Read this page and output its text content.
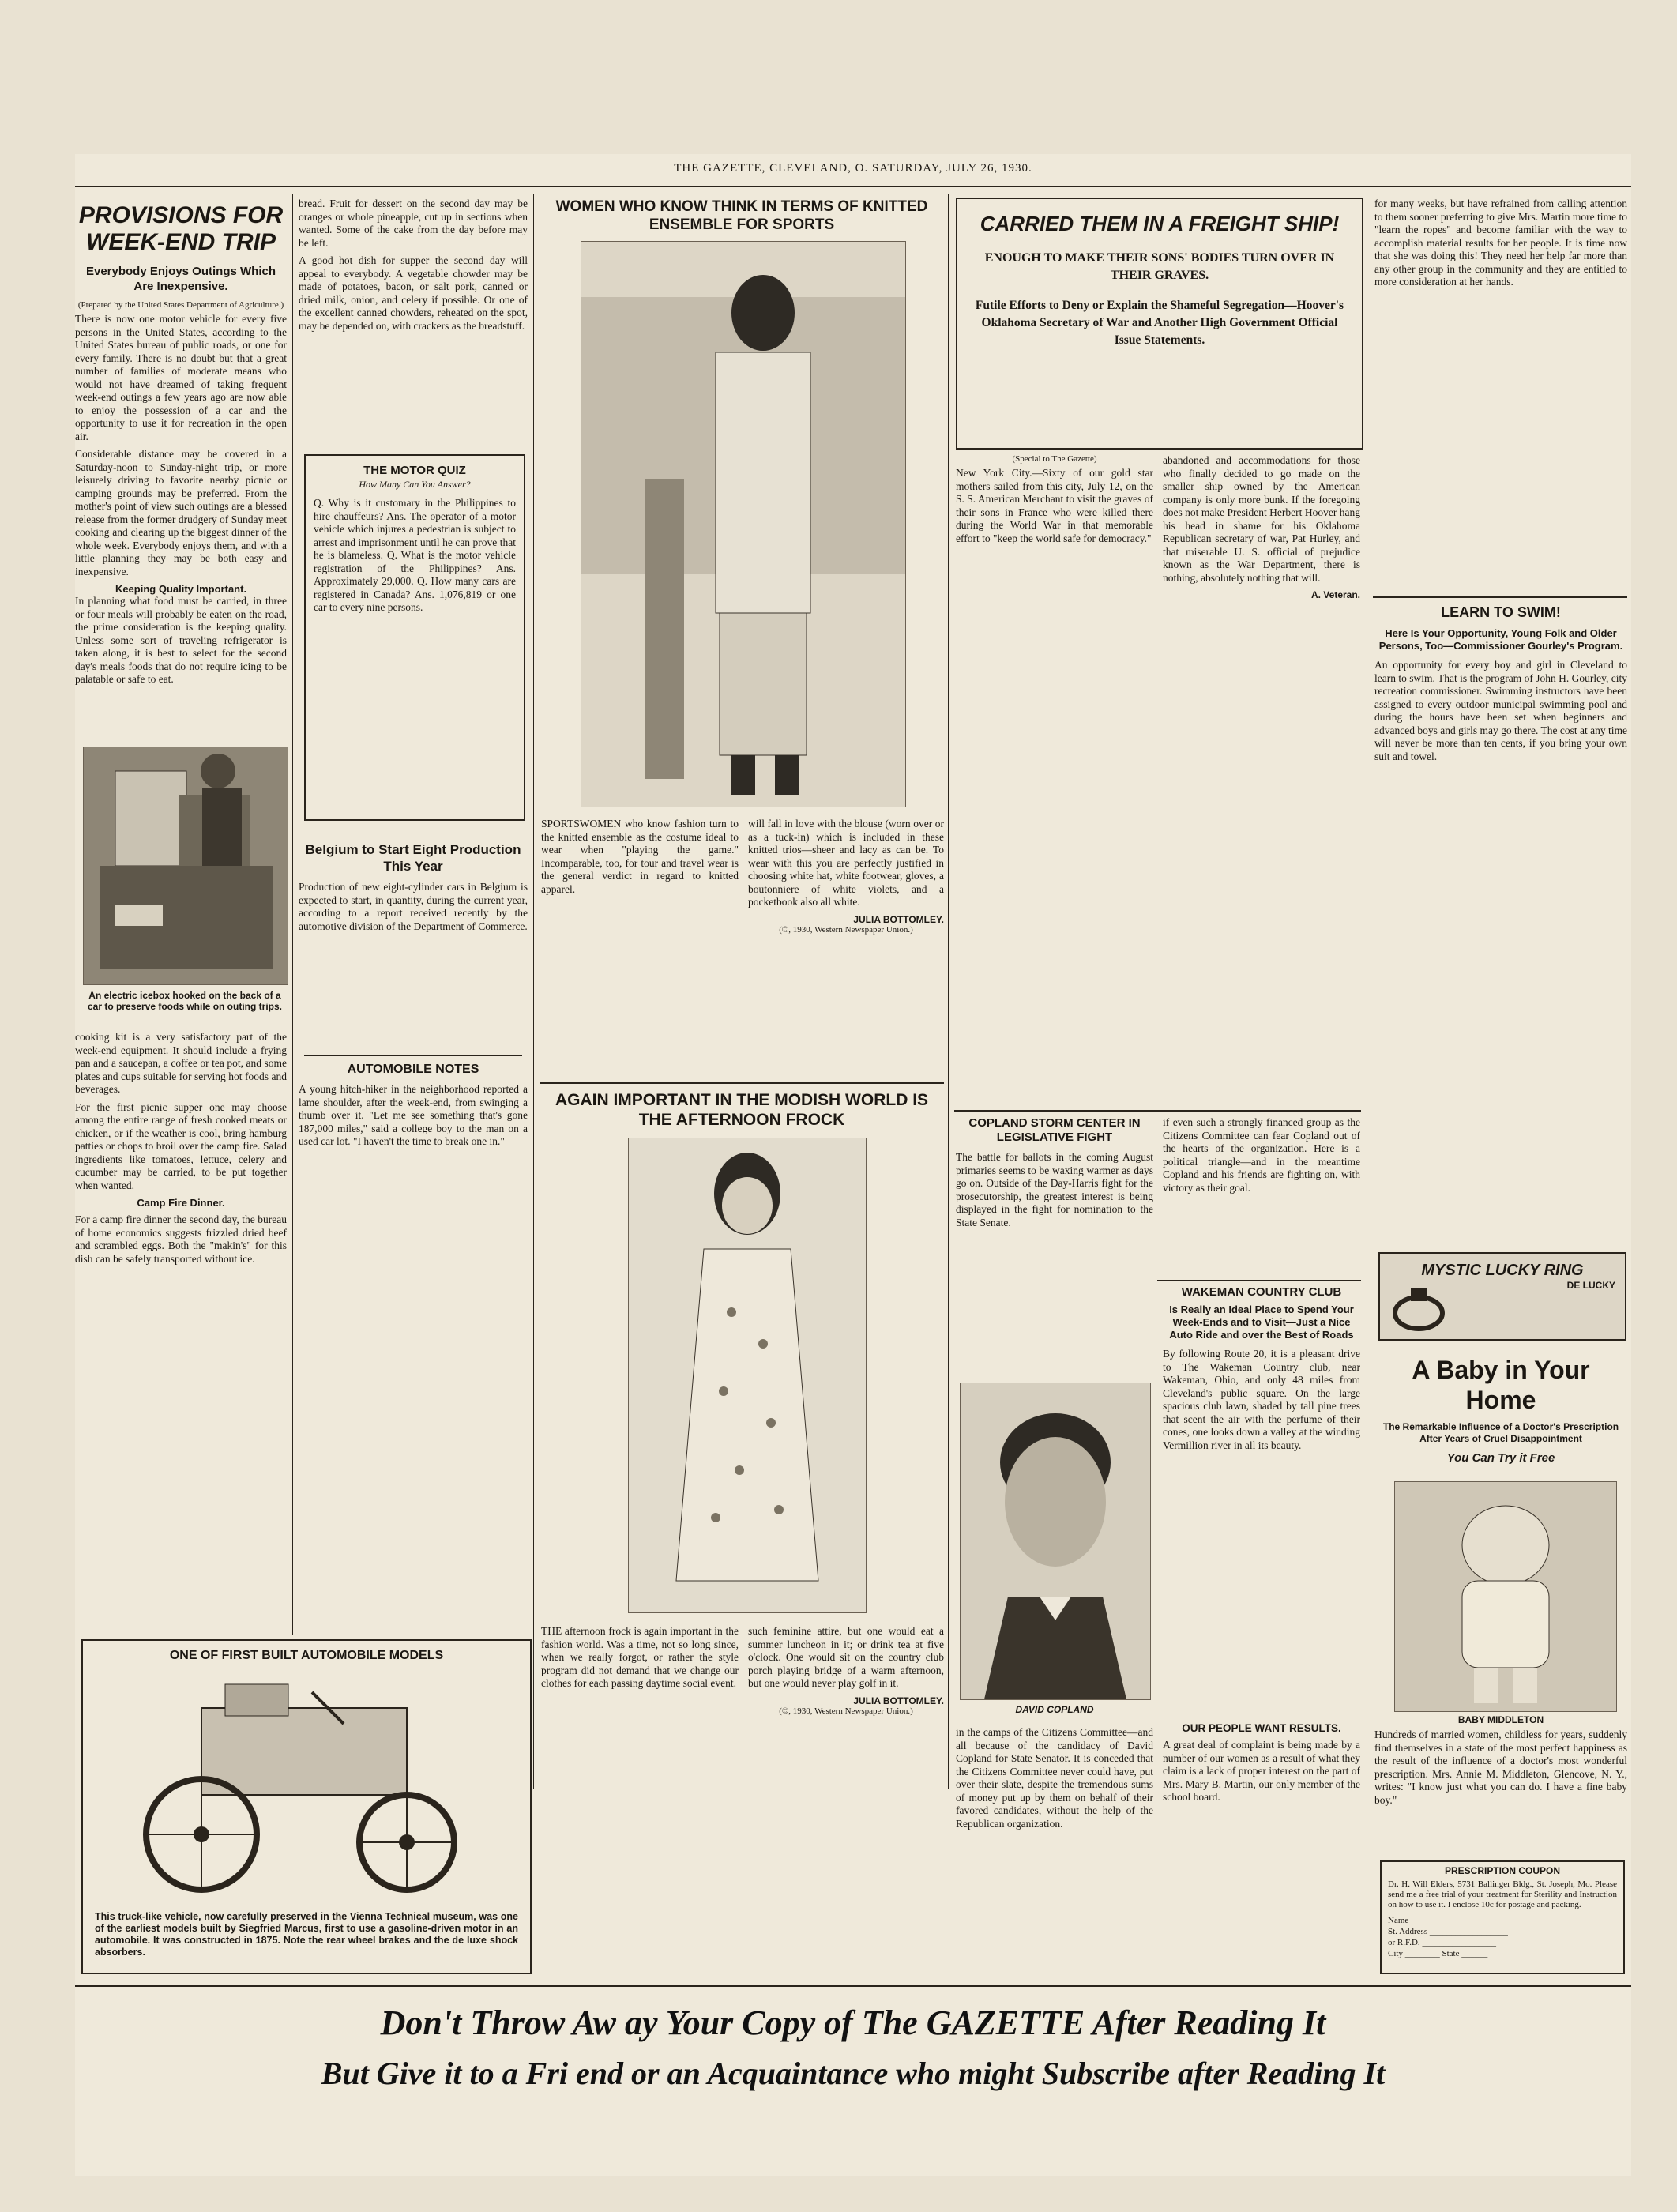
THE GAZETTE, CLEVELAND, O. SATURDAY, JULY 26, 1930.
PROVISIONS FOR WEEK-END TRIP
Everybody Enjoys Outings Which Are Inexpensive.
(Prepared by the United States Department of Agriculture.)

There is now one motor vehicle for every five persons in the United States, according to the United States bureau of public roads, or one for every family. There is no doubt but that a great number of families of moderate means who would not have dreamed of taking frequent week-end outings a few years ago are now able to enjoy the possession of a car and the opportunity to use it for recreation in the open air.

Considerable distance may be covered in a Saturday-noon to Sunday-night trip, or more leisurely driving to favorite nearby picnic or camping grounds may be preferred. From the mother's point of view such outings are a blessed release from the former drudgery of Sunday meet cooking and clearing up the biggest dinner of the whole week. Everybody enjoys them, and with a little planning they may be both easy and inexpensive.

Keeping Quality Important.

In planning what food must be carried, in three or four meals will probably be eaten on the road, the prime consideration is the keeping quality. Unless some sort of traveling refrigerator is taken along, it is best to select for the second day's meals foods that do not require icing to be palatable or safe to eat.

An electric icebox hooked on the back of a car to preserve foods while on outing trips.

cooking kit is a very satisfactory part of the week-end equipment. It should include a frying pan and a saucepan, a coffee or tea pot, and some plates and cups suitable for serving hot foods and beverages.

For the first picnic supper one may choose among the entire range of fresh cooked meats or chicken, or if the weather is cool, bring hamburg patties or chops to broil over the camp fire. Salad ingredients like tomatoes, lettuce, celery and cucumber may be carried, to be put together when wanted.

Camp Fire Dinner.

For a camp fire dinner the second day, the bureau of home economics suggests frizzled dried beef and scrambled eggs. Both the "makin's" for this dish can be safely transported without ice.

bread. Fruit for dessert on the second day may be oranges or whole pineapple, cut up in sections when wanted. Some of the cake from the day before may be left.

A good hot dish for supper the second day will appeal to everybody. A vegetable chowder may be made of potatoes, bacon, or salt pork, canned or dried milk, onion, and celery if possible. Or one of the excellent canned chowders, reheated on the spot, may be depended on, with crackers as the breadstuff.

THE MOTOR QUIZ
How Many Can You Answer?
Q. Why is it customary in the Philippines to hire chauffeurs? Ans. The operator of a motor vehicle which injures a pedestrian is subject to arrest and imprisonment until he can prove that he is blameless. Q. What is the motor vehicle registration of the Philippines? Ans. Approximately 29,000. Q. How many cars are registered in Canada? Ans. 1,076,819 or one car to every nine persons.
Belgium to Start Eight Production This Year

Production of new eight-cylinder cars in Belgium is expected to start, in quantity, during the current year, according to a report received recently by the automotive division of the Department of Commerce.

AUTOMOBILE NOTES

A young hitch-hiker in the neighborhood reported a lame shoulder, after the week-end, from swinging a thumb over it. "Let me see something that's gone 187,000 miles," said a college boy to the man on a used car lot. "I haven't the time to break one in."

ONE OF FIRST BUILT AUTOMOBILE MODELS
This truck-like vehicle, now carefully preserved in the Vienna Technical museum, was one of the earliest models built by Siegfried Marcus, first to use a gasoline-driven motor in an automobile. It was constructed in 1875. Note the rear wheel brakes and the de luxe shock absorbers.
WOMEN WHO KNOW THINK IN TERMS OF KNITTED ENSEMBLE FOR SPORTS

SPORTSWOMEN who know fashion turn to the knitted ensemble as the costume ideal to wear when "playing the game." Incomparable, too, for tour and travel wear is the general verdict in regard to knitted apparel.

will fall in love with the blouse (worn over or as a tuck-in) which is included in these knitted trios—sheer and lacy as can be. To wear with this you are perfectly justified in choosing white hat, white footwear, gloves, a boutonniere of white violets, and a pocketbook also all white.

JULIA BOTTOMLEY.
(©, 1930, Western Newspaper Union.)
AGAIN IMPORTANT IN THE MODISH WORLD IS THE AFTERNOON FROCK

THE afternoon frock is again important in the fashion world. Was a time, not so long since, when we really forgot, or rather the style program did not demand that we change our clothes for each passing daytime social event.

such feminine attire, but one would eat a summer luncheon in it; or drink tea at five o'clock. One would sit on the country club porch playing bridge of a warm afternoon, but one would never play golf in it.

JULIA BOTTOMLEY.
(©, 1930, Western Newspaper Union.)
CARRIED THEM IN A FREIGHT SHIP!
ENOUGH TO MAKE THEIR SONS' BODIES TURN OVER IN THEIR GRAVES.
Futile Efforts to Deny or Explain the Shameful Segregation—Hoover's Oklahoma Secretary of War and Another High Government Official Issue Statements.
(Special to The Gazette)

New York City.—Sixty of our gold star mothers sailed from this city, July 12, on the S. S. American Merchant to visit the graves of their sons in France who were killed there during the World War in that memorable effort to "keep the world safe for democracy."

abandoned and accommodations for those who finally decided to go made on the smaller ship owned by the American company is only more bunk. If the foregoing does not make President Herbert Hoover hang his head in shame for his Oklahoma Republican secretary of war, Pat Hurley, and that miserable U. S. official of prejudice known as the War Department, there is nothing, absolutely nothing that will.

A. Veteran.
COPLAND STORM CENTER IN LEGISLATIVE FIGHT

The battle for ballots in the coming August primaries seems to be waxing warmer as days go on. Outside of the Day-Harris fight for the prosecutorship, the greatest interest is being displayed in the fight for nomination to the State Senate.

if even such a strongly financed group as the Citizens Committee can fear Copland out of the hearts of the organization. Here is a political triangle—and in the meantime Copland and his friends are fighting on, with victory as their goal.

WAKEMAN COUNTRY CLUB
Is Really an Ideal Place to Spend Your Week-Ends and to Visit—Just a Nice Auto Ride and over the Best of Roads

By following Route 20, it is a pleasant drive to The Wakeman Country club, near Wakeman, Ohio, and only 48 miles from Cleveland's public square. On the large spacious club lawn, shaded by tall pine trees that scent the air with the perfume of their cones, one looks down a valley at the winding Vermillion river in all its beauty.

DAVID COPLAND
OUR PEOPLE WANT RESULTS.

A great deal of complaint is being made by a number of our women as a result of what they claim is a lack of proper interest on the part of Mrs. Mary B. Martin, our only member of the school board.

in the camps of the Citizens Committee—and all because of the candidacy of David Copland for State Senator. It is conceded that the Citizens Committee never could have, put over their slate, despite the tremendous sums of money put up by them on behalf of their favored candidates, without the help of the Republican organization.

for many weeks, but have refrained from calling attention to them sooner preferring to give Mrs. Martin more time to "learn the ropes" and become familiar with the way to accomplish material results for her people. It is time now that she was doing this! They need her help far more than any other group in the community and they are entitled to more consideration at her hands.

LEARN TO SWIM!
Here Is Your Opportunity, Young Folk and Older Persons, Too—Commissioner Gourley's Program.

An opportunity for every boy and girl in Cleveland to learn to swim. That is the program of John H. Gourley, city recreation commissioner. Swimming instructors have been assigned to every outdoor municipal swimming pool and during the hours have been set when beginners and advanced boys and girls may go there. The cost at any time will never be more than ten cents, if you bring your own suit and towel.

MYSTIC LUCKY RING
DE LUCKY
A Baby in Your Home
The Remarkable Influence of a Doctor's Prescription After Years of Cruel Disappointment
You Can Try it Free
BABY MIDDLETON

Hundreds of married women, childless for years, suddenly find themselves in a state of the most perfect happiness as the result of the influence of a doctor's most wonderful prescription. Mrs. Annie M. Middleton, Glencove, N. Y., writes: "I know just what you can do. I have a fine baby boy."

PRESCRIPTION COUPON
Dr. H. Will Elders, 5731 Ballinger Bldg., St. Joseph, Mo. Please send me a free trial of your treatment for Sterility and Instruction on how to use it. I enclose 10c for postage and packing.
Name ______________________
St. Address __________________
or R.F.D. _________________
City ________ State ______
Don't Throw Aw ay Your Copy of The GAZETTE After Reading It
But Give it to a Fri end or an Acquaintance who might Subscribe after Reading It
